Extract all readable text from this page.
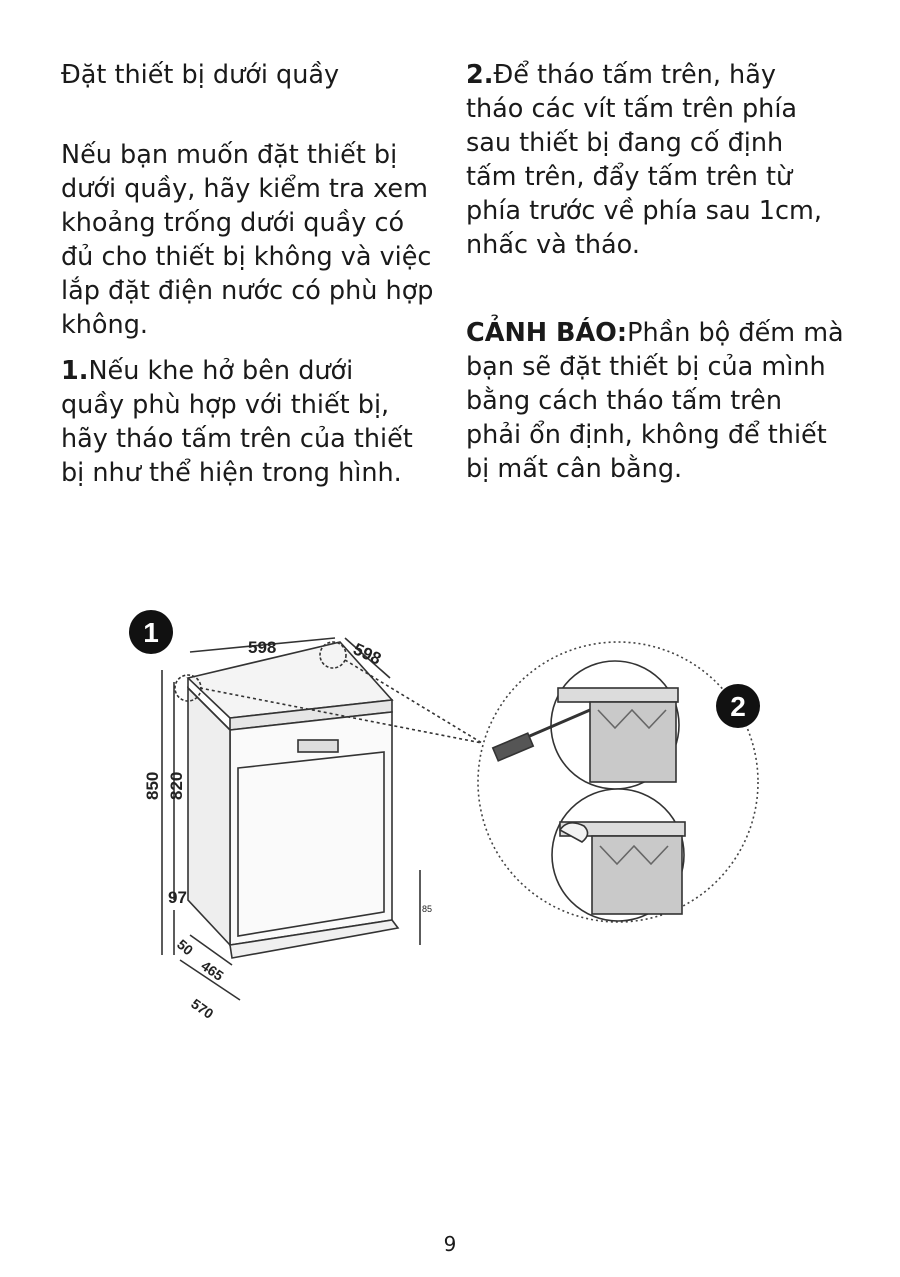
Đặt thiết bị dưới quầy

Nếu bạn muốn đặt thiết bị
dưới quầy, hãy kiểm tra xem
khoảng trống dưới quầy có
đủ cho thiết bị không và việc
lắp đặt điện nước có phù hợp
không.

1.Nếu khe hở bên dưới
quầy phù hợp với thiết bị,
hãy tháo tấm trên của thiết
bị như thể hiện trong hình.

2.Để tháo tấm trên, hãy
tháo các vít tấm trên phía
sau thiết bị đang cố định
tấm trên, đẩy tấm trên từ
phía trước về phía sau 1cm,
nhấc và tháo.

CẢNH BÁO:Phần bộ đếm mà
bạn sẽ đặt thiết bị của mình
bằng cách tháo tấm trên
phải ổn định, không để thiết
bị mất cân bằng.

1
2
598	598
850 820
97
50
465
570
85
9
